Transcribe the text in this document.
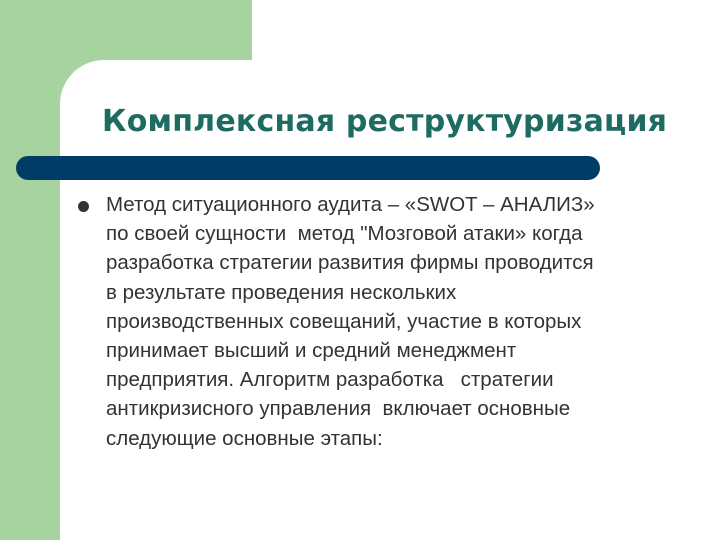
Комплексная реструктуризация

Метод ситуационного аудита – «SWOT – АНАЛИЗ»
по своей сущности  метод "Мозговой атаки» когда
разработка стратегии развития фирмы проводится
в результате проведения нескольких
производственных совещаний, участие в которых
принимает высший и средний менеджмент
предприятия. Алгоритм разработка   стратегии
антикризисного управления  включает основные
следующие основные этапы:
